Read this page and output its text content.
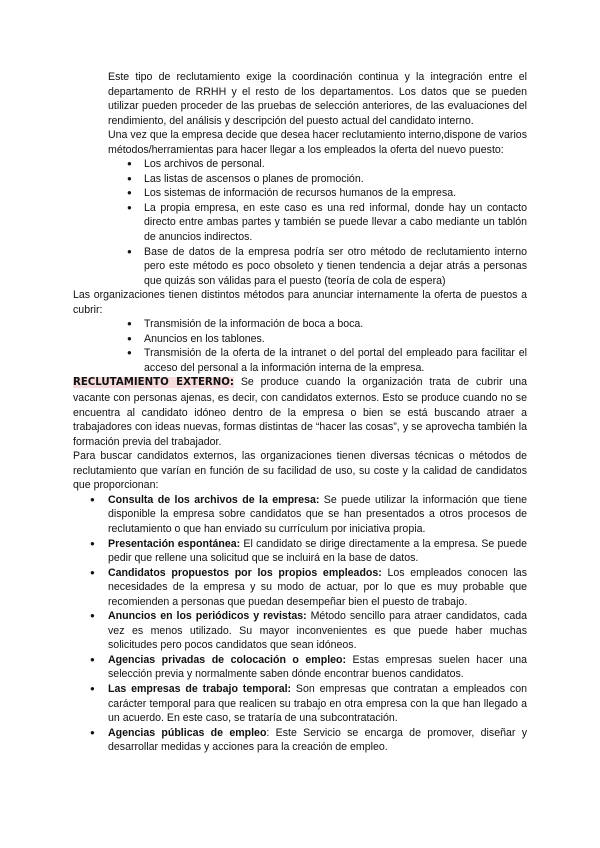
Este tipo de reclutamiento exige la coordinación continua y la integración entre el departamento de RRHH y el resto de los departamentos. Los datos que se pueden utilizar pueden proceder de las pruebas de selección anteriores, de las evaluaciones del rendimiento, del análisis y descripción del puesto actual del candidato interno.

Una vez que la empresa decide que desea hacer reclutamiento interno,dispone de varios métodos/herramientas para hacer llegar a los empleados la oferta del nuevo puesto:

● Los archivos de personal.
● Las listas de ascensos o planes de promoción.
● Los sistemas de información de recursos humanos de la empresa.
● La propia empresa, en este caso es una red informal, donde hay un contacto directo entre ambas partes y también se puede llevar a cabo mediante un tablón de anuncios indirectos.
● Base de datos de la empresa podría ser otro método de reclutamiento interno pero este método es poco obsoleto y tienen tendencia a dejar atrás a personas que quizás son válidas para el puesto (teoría de cola de espera)

Las organizaciones tienen distintos métodos para anunciar internamente la oferta de puestos a cubrir:

● Transmisión de la información de boca a boca.
● Anuncios en los tablones.
● Transmisión de la oferta de la intranet o del portal del empleado para facilitar el acceso del personal a la información interna de la empresa.

RECLUTAMIENTO EXTERNO: Se produce cuando la organización trata de cubrir una vacante con personas ajenas, es decir, con candidatos externos. Esto se produce cuando no se encuentra al candidato idóneo dentro de la empresa o bien se está buscando atraer a trabajadores con ideas nuevas, formas distintas de “hacer las cosas”, y se aprovecha también la formación previa del trabajador.

Para buscar candidatos externos, las organizaciones tienen diversas técnicas o métodos de reclutamiento que varían en función de su facilidad de uso, su coste y la calidad de candidatos que proporcionan:

● Consulta de los archivos de la empresa: Se puede utilizar la información que tiene disponible la empresa sobre candidatos que se han presentados a otros procesos de reclutamiento o que han enviado su currículum por iniciativa propia.
● Presentación espontánea: El candidato se dirige directamente a la empresa. Se puede pedir que rellene una solicitud que se incluirá en la base de datos.
● Candidatos propuestos por los propios empleados: Los empleados conocen las necesidades de la empresa y su modo de actuar, por lo que es muy probable que recomienden a personas que puedan desempeñar bien el puesto de trabajo.
● Anuncios en los periódicos y revistas: Método sencillo para atraer candidatos, cada vez es menos utilizado. Su mayor inconvenientes es que puede haber muchas solicitudes pero pocos candidatos que sean idóneos.
● Agencias privadas de colocación o empleo: Estas empresas suelen hacer una selección previa y normalmente saben dónde encontrar buenos candidatos.
● Las empresas de trabajo temporal: Son empresas que contratan a empleados con carácter temporal para que realicen su trabajo en otra empresa con la que han llegado a un acuerdo. En este caso, se trataría de una subcontratación.
● Agencias públicas de empleo: Este Servicio se encarga de promover, diseñar y desarrollar medidas y acciones para la creación de empleo.
